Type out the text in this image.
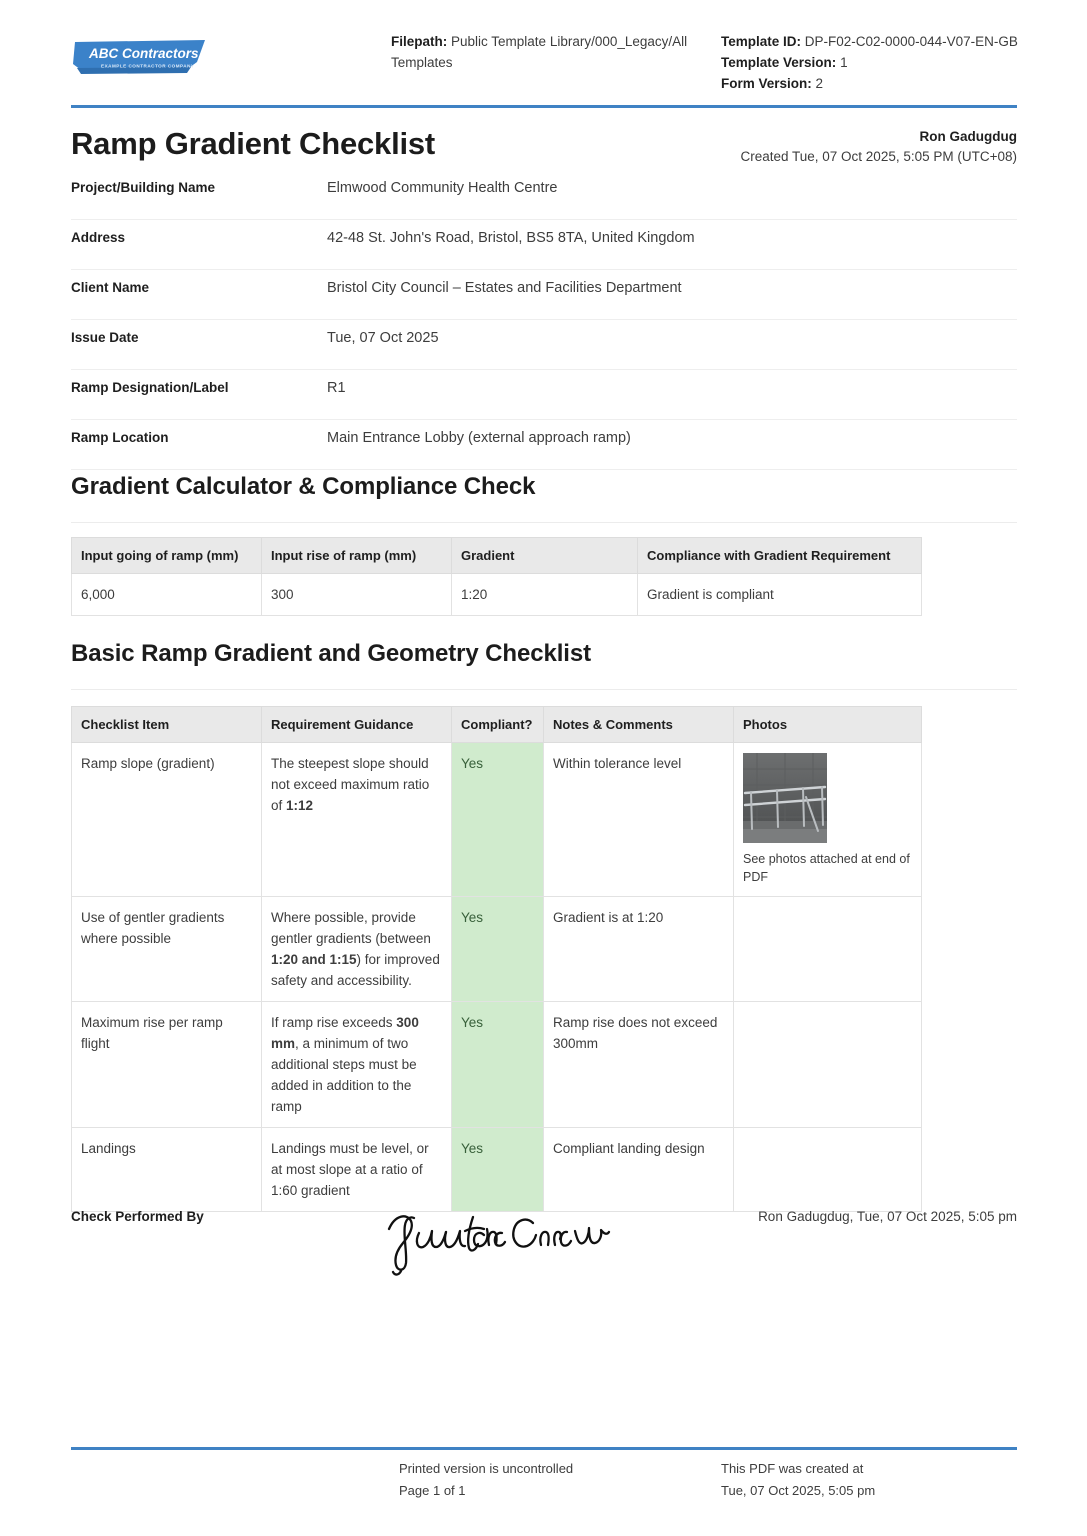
ABC Contractors
EXAMPLE CONTRACTOR COMPANY
Filepath: Public Template Library/000_Legacy/All Templates
Template ID: DP-F02-C02-0000-044-V07-EN-GB
Template Version: 1
Form Version: 2
Ramp Gradient Checklist	Ron Gadugdug
Created Tue, 07 Oct 2025, 5:05 PM (UTC+08)
Project/Building Name	Elmwood Community Health Centre
Address	42-48 St. John's Road, Bristol, BS5 8TA, United Kingdom
Client Name	Bristol City Council – Estates and Facilities Department
Issue Date	Tue, 07 Oct 2025
Ramp Designation/Label	R1
Ramp Location	Main Entrance Lobby (external approach ramp)
Gradient Calculator & Compliance Check
Input going of ramp (mm)	Input rise of ramp (mm)	Gradient	Compliance with Gradient Requirement
6,000	300	1:20	Gradient is compliant
Basic Ramp Gradient and Geometry Checklist
Checklist Item	Requirement Guidance	Compliant?	Notes & Comments	Photos
Ramp slope (gradient)	The steepest slope should not exceed maximum ratio of 1:12	Yes	Within tolerance level	See photos attached at end of PDF

Use of gentler gradients where possible	Where possible, provide gentler gradients (between 1:20 and 1:15) for improved safety and accessibility.	Yes	Gradient is at 1:20	
Maximum rise per ramp flight	If ramp rise exceeds 300 mm, a minimum of two additional steps must be added in addition to the ramp	Yes	Ramp rise does not exceed 300mm	
Landings	Landings must be level, or at most slope at a ratio of 1:60 gradient	Yes	Compliant landing design	
Check Performed By	Ron Gadugdug, Tue, 07 Oct 2025, 5:05 pm
Printed version is uncontrolled
Page 1 of 1
This PDF was created at
Tue, 07 Oct 2025, 5:05 pm
